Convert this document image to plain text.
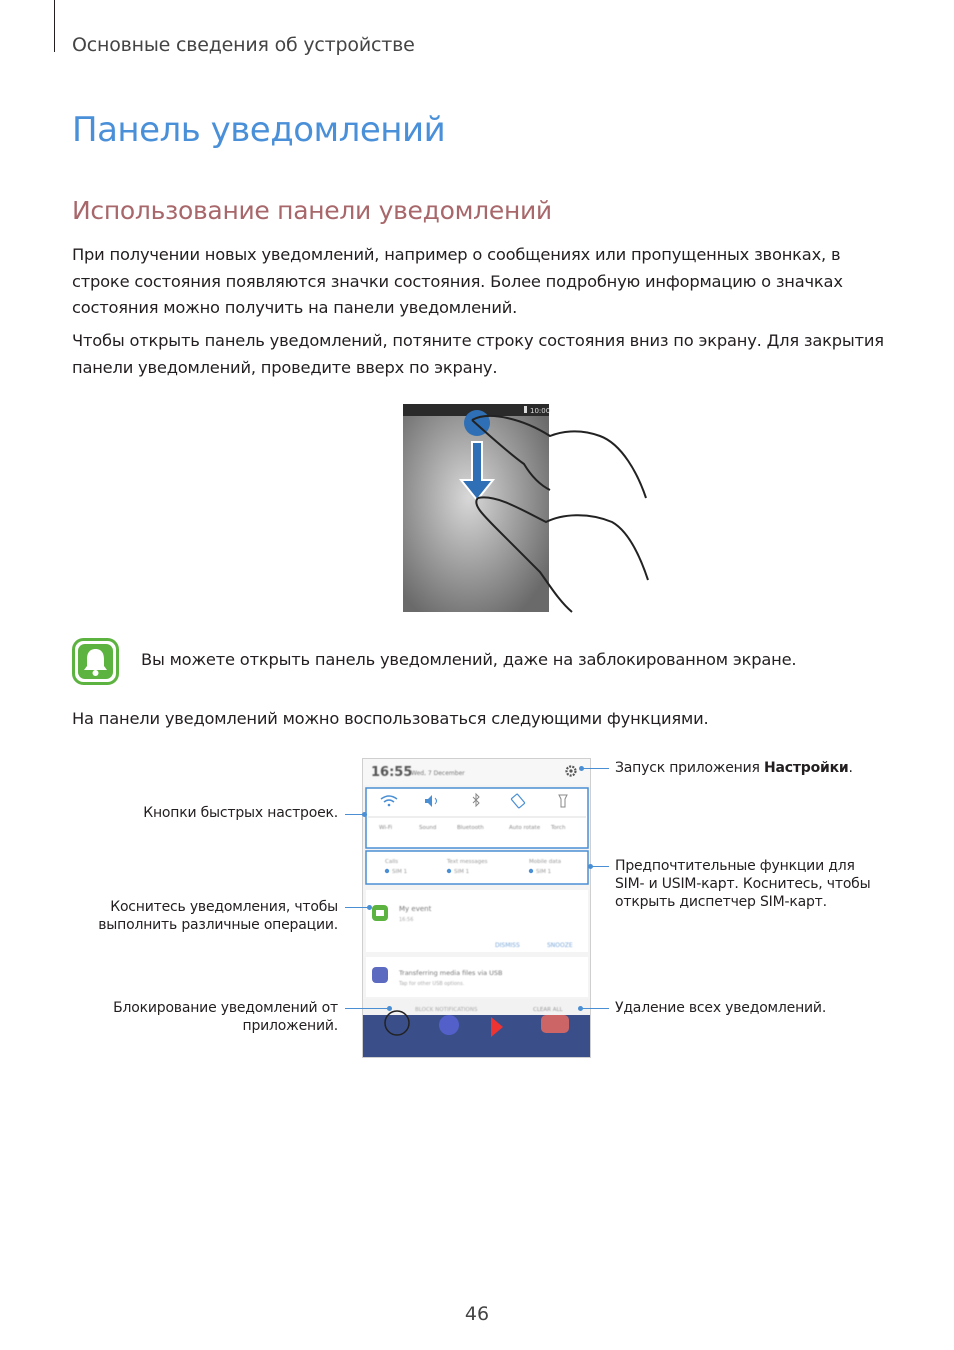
Основные сведения об устройстве
Панель уведомлений
Использование панели уведомлений
При получении новых уведомлений, например о сообщениях или пропущенных звонках, в строке состояния появляются значки состояния. Более подробную информацию о значках состояния можно получить на панели уведомлений.
Чтобы открыть панель уведомлений, потяните строку состояния вниз по экрану. Для закрытия панели уведомлений, проведите вверх по экрану.
10:00
Вы можете открыть панель уведомлений, даже на заблокированном экране.
На панели уведомлений можно воспользоваться следующими функциями.
16:55
Wed, 7 December
Wi-Fi	Sound	Bluetooth	Auto rotate Torch
Calls
SIM 1
Text messages
SIM 1
Mobile data
SIM 1
My event
16:56
DISMISS	SNOOZE
Transferring media files via USB
Tap for other USB options.
BLOCK NOTIFICATIONS	CLEAR ALL
Запуск приложения Настройки.
Кнопки быстрых настроек.
Предпочтительные функции для
SIM- и USIM-карт. Коснитесь, чтобы
открыть диспетчер SIM-карт.
Коснитесь уведомления, чтобы
выполнить различные операции.
Блокирование уведомлений от
приложений.
Удаление всех уведомлений.
46
